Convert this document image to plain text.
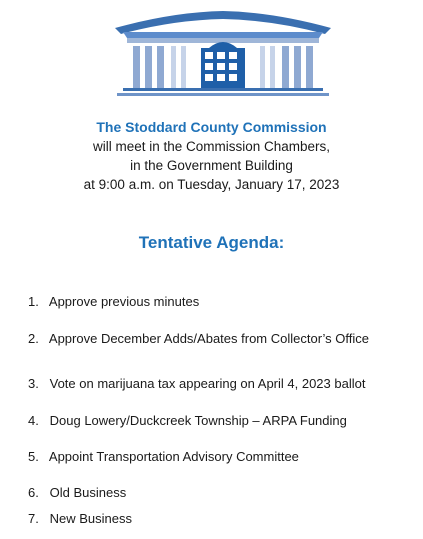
The Stoddard County Commission
will meet in the Commission Chambers,
in the Government Building
at 9:00 a.m. on Tuesday, January 17, 2023
Tentative Agenda:
1. Approve previous minutes
2. Approve December Adds/Abates from Collector’s Office
3. Vote on marijuana tax appearing on April 4, 2023 ballot
4. Doug Lowery/Duckcreek Township – ARPA Funding
5. Appoint Transportation Advisory Committee
6. Old Business
7. New Business
